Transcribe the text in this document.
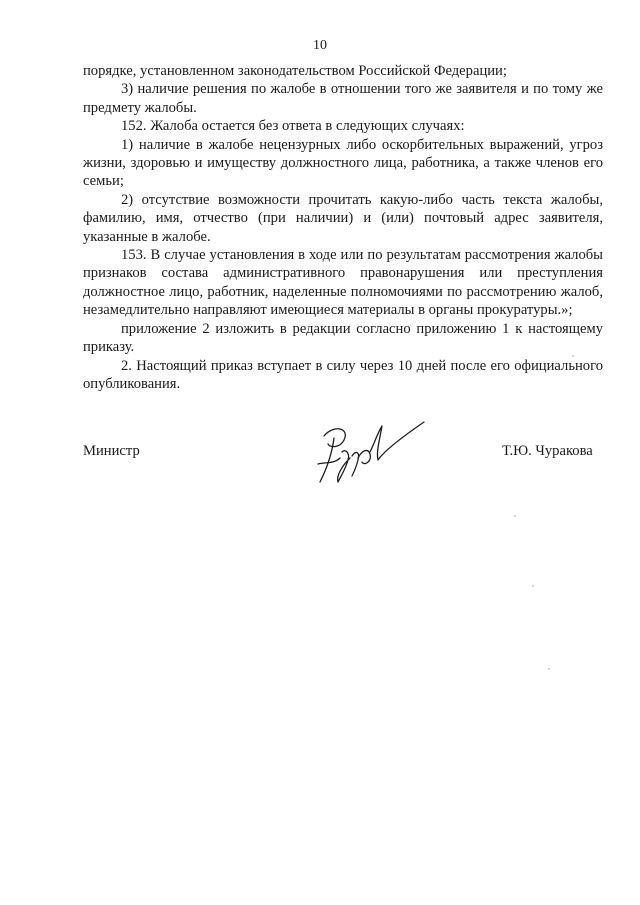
10

порядке, установленном законодательством Российской Федерации;

3) наличие решения по жалобе в отношении того же заявителя и по тому же предмету жалобы.

152. Жалоба остается без ответа в следующих случаях:

1) наличие в жалобе нецензурных либо оскорбительных выражений, угроз жизни, здоровью и имуществу должностного лица, работника, а также членов его семьи;

2) отсутствие возможности прочитать какую-либо часть текста жалобы, фамилию, имя, отчество (при наличии) и (или) почтовый адрес заявителя, указанные в жалобе.

153. В случае установления в ходе или по результатам рассмотрения жалобы признаков состава административного правонарушения или преступления должностное лицо, работник, наделенные полномочиями по рассмотрению жалоб, незамедлительно направляют имеющиеся материалы в органы прокуратуры.»;

приложение 2 изложить в редакции согласно приложению 1 к настоящему приказу.

2. Настоящий приказ вступает в силу через 10 дней после его официального опубликования.

Министр	Т.Ю. Чуракова
